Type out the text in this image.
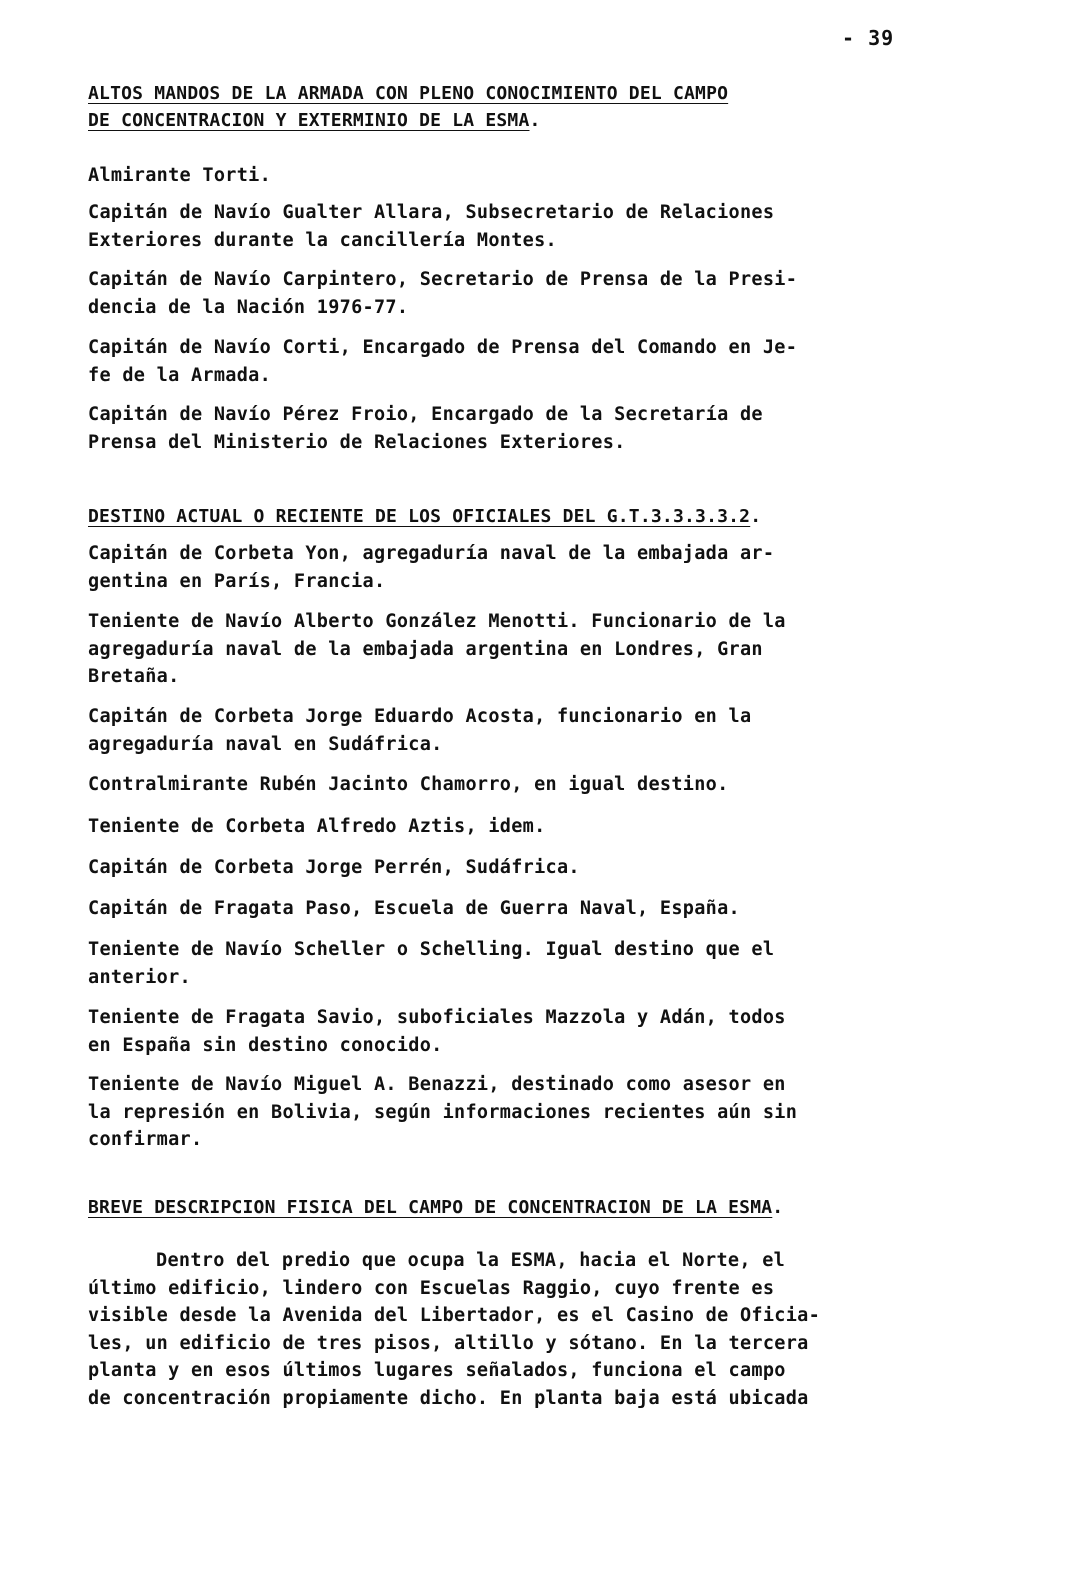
- 39
ALTOS MANDOS DE LA ARMADA CON PLENO CONOCIMIENTO DEL CAMPO
DE CONCENTRACION Y EXTERMINIO DE LA ESMA.

Almirante Torti.

Capitán de Navío Gualter Allara, Subsecretario de Relaciones
Exteriores durante la cancillería Montes.

Capitán de Navío Carpintero, Secretario de Prensa de la Presi-
dencia de la Nación 1976-77.

Capitán de Navío Corti, Encargado de Prensa del Comando en Je-
fe de la Armada.

Capitán de Navío Pérez Froio, Encargado de la Secretaría de
Prensa del Ministerio de Relaciones Exteriores.

DESTINO ACTUAL O RECIENTE DE LOS OFICIALES DEL G.T.3.3.3.3.2.

Capitán de Corbeta Yon, agregaduría naval de la embajada ar-
gentina en París, Francia.

Teniente de Navío Alberto González Menotti. Funcionario de la
agregaduría naval de la embajada argentina en Londres, Gran
Bretaña.

Capitán de Corbeta Jorge Eduardo Acosta, funcionario en la
agregaduría naval en Sudáfrica.

Contralmirante Rubén Jacinto Chamorro, en igual destino.

Teniente de Corbeta Alfredo Aztis, idem.

Capitán de Corbeta Jorge Perrén, Sudáfrica.

Capitán de Fragata Paso, Escuela de Guerra Naval, España.

Teniente de Navío Scheller o Schelling. Igual destino que el
anterior.

Teniente de Fragata Savio, suboficiales Mazzola y Adán, todos
en España sin destino conocido.

Teniente de Navío Miguel A. Benazzi, destinado como asesor en
la represión en Bolivia, según informaciones recientes aún sin
confirmar.

BREVE DESCRIPCION FISICA DEL CAMPO DE CONCENTRACION DE LA ESMA.

Dentro del predio que ocupa la ESMA, hacia el Norte, el
último edificio, lindero con Escuelas Raggio, cuyo frente es
visible desde la Avenida del Libertador, es el Casino de Oficia-
les, un edificio de tres pisos, altillo y sótano. En la tercera
planta y en esos últimos lugares señalados, funciona el campo
de concentración propiamente dicho. En planta baja está ubicada
